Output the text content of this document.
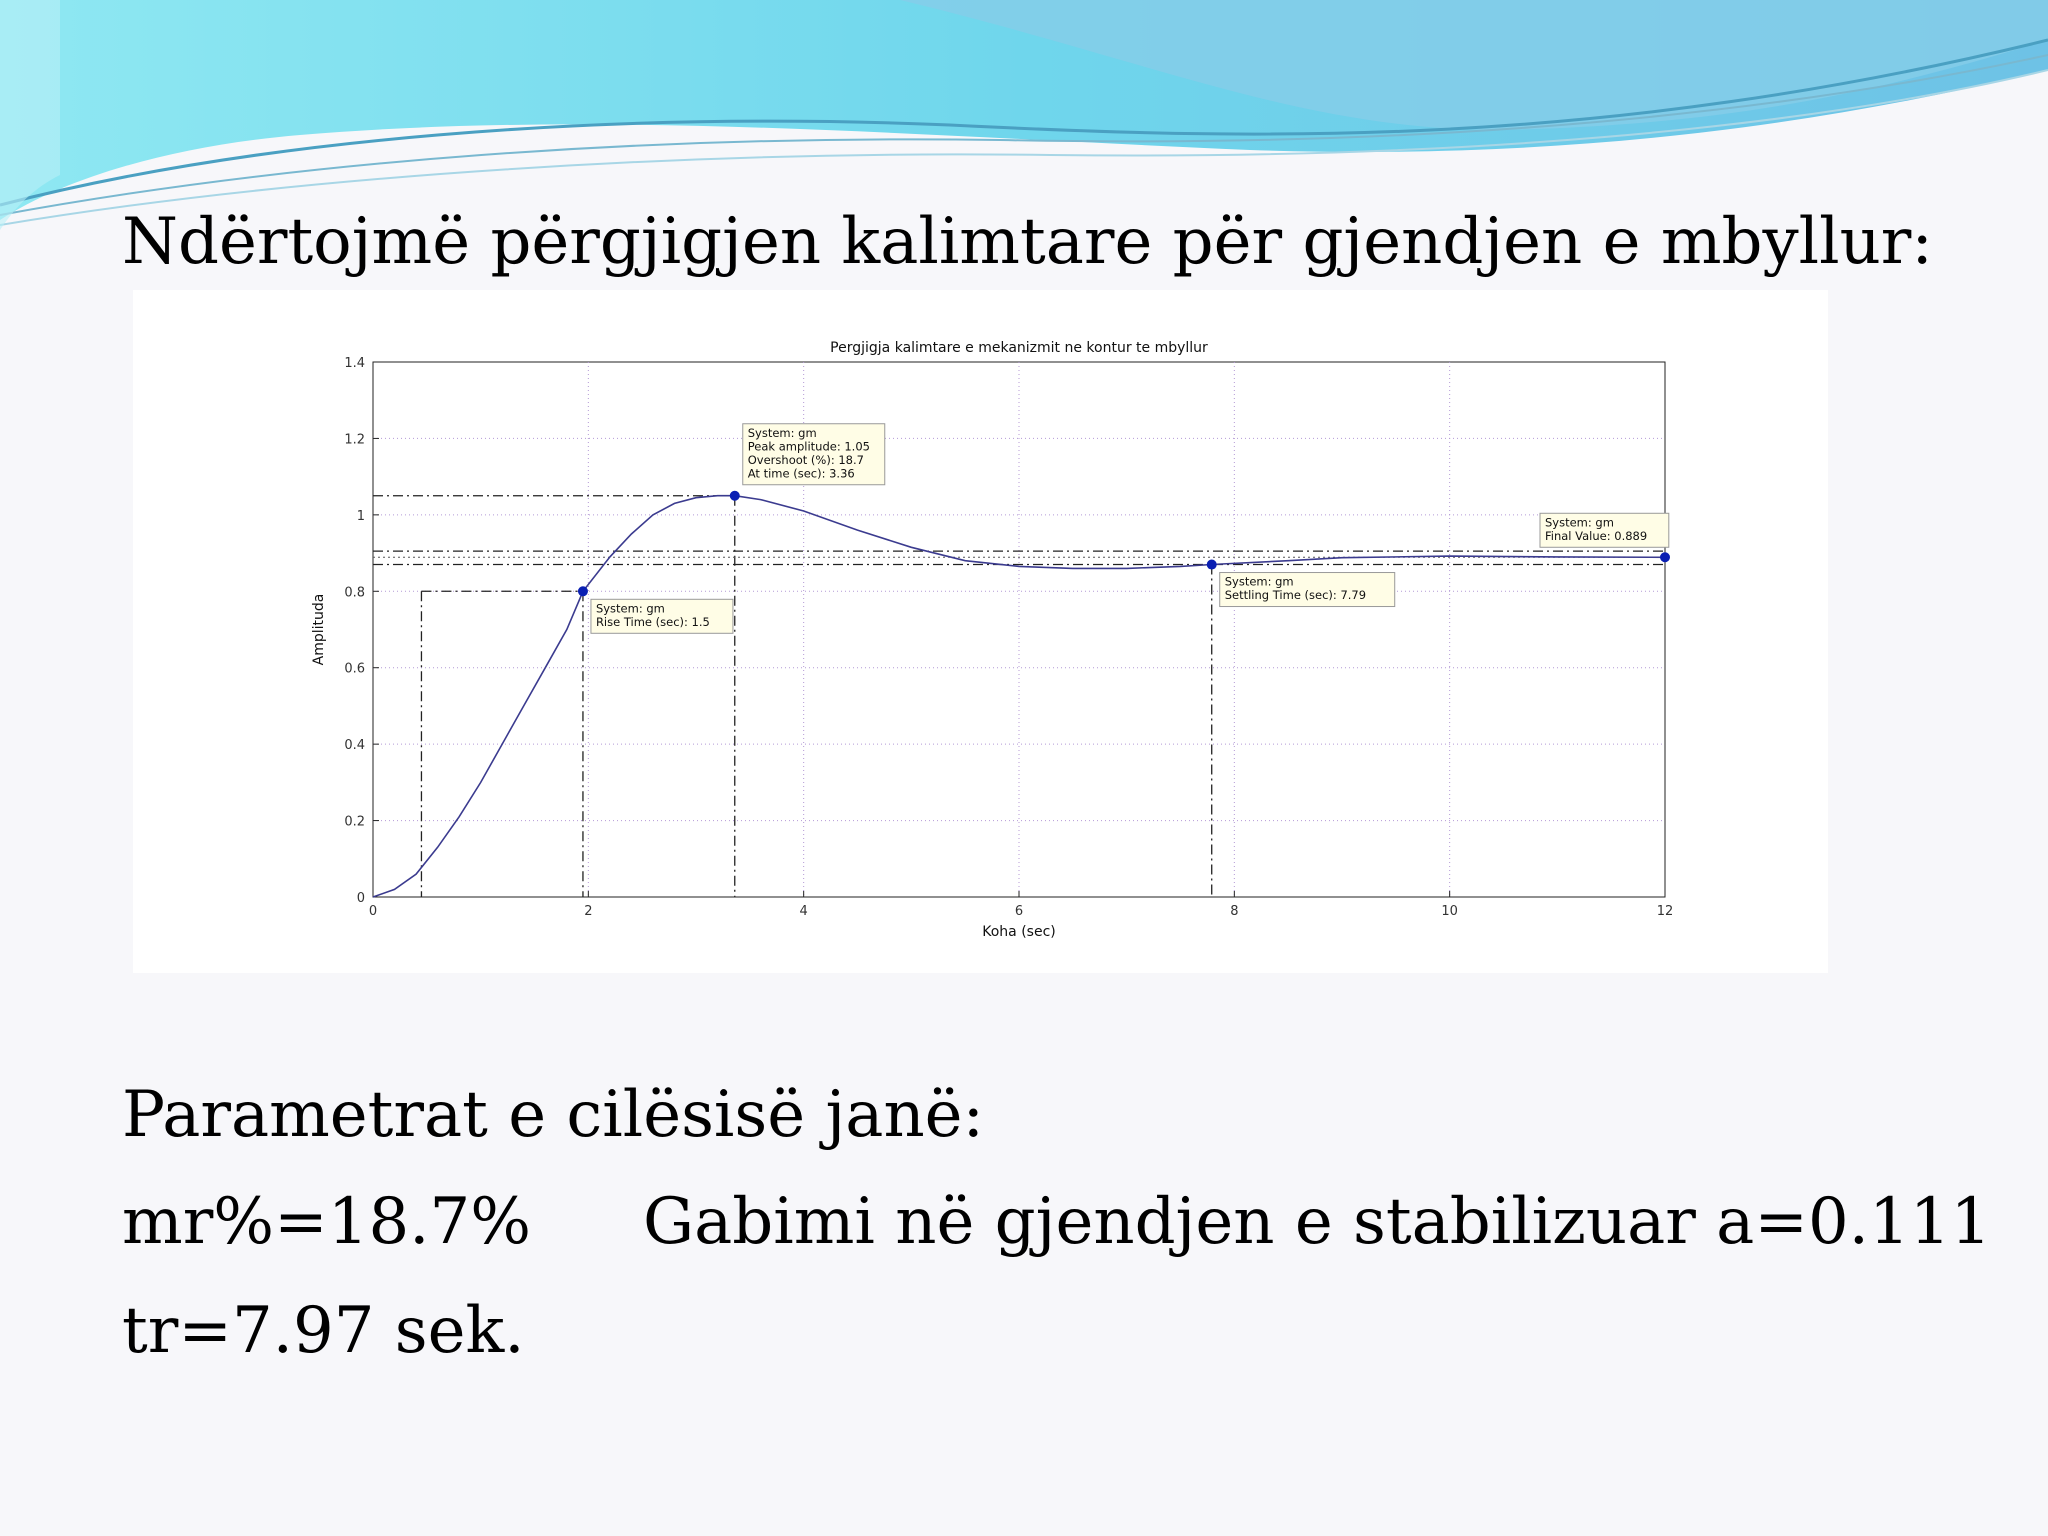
Ndërtojmë përgjigjen kalimtare për gjendjen e mbyllur:
0	2	4	6	8	10	12
0
0.2
0.4
0.6
0.8
1
1.2
1.4
Pergjigja kalimtare e mekanizmit ne kontur te mbyllur
Koha (sec)
Amplituda
System: gm
Peak amplitude: 1.05
Overshoot (%): 18.7
At time (sec): 3.36
System: gm
Rise Time (sec): 1.5
System: gm
Settling Time (sec): 7.79
System: gm
Final Value: 0.889
Parametrat e cilësisë janë:
mr%=18.7% Gabimi në gjendjen e stabilizuar a=0.111
tr=7.97 sek.
